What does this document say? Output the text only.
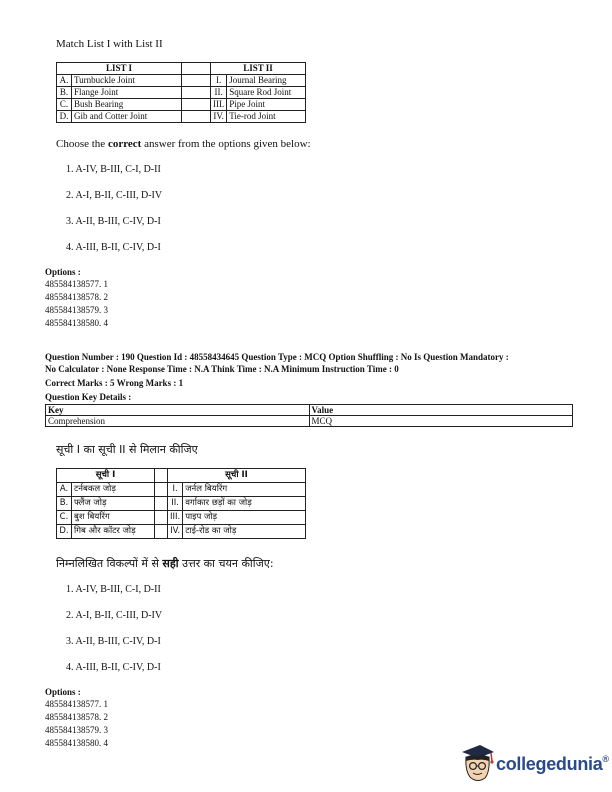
Match List I with List II
LIST I			LIST II	
A.	Turnbuckle Joint		I.	Journal Bearing
B.	Flange Joint		II.	Square Rod Joint
C.	Bush Bearing		III.	Pipe Joint
D.	Gib and Cotter Joint		IV.	Tie-rod Joint
Choose the correct answer from the options given below:
1. A-IV, B-III, C-I, D-II
2. A-I, B-II, C-III, D-IV
3. A-II, B-III, C-IV, D-I
4. A-III, B-II, C-IV, D-I
Options :
485584138577. 1
485584138578. 2
485584138579. 3
485584138580. 4
Question Number : 190 Question Id : 48558434645 Question Type : MCQ Option Shuffling : No Is Question Mandatory :
No Calculator : None Response Time : N.A Think Time : N.A Minimum Instruction Time : 0
Correct Marks : 5 Wrong Marks : 1
Question Key Details :
Key	Value
Comprehension	MCQ
सूची I का सूची II से मिलान कीजिए
सूची I			सूची II	
A.	टर्नबकल जोड़		I.	जर्नल बियरिंग
B.	फ्लैंज जोड़		II.	वर्गाकार छड़ों का जोड़
C.	बुश बियरिंग		III.	पाइप जोड़
D.	गिब और कॉटर जोड़		IV.	टाई-रोड का जोड़
निम्नलिखित विकल्पों में से सही उत्तर का चयन कीजिए:
1. A-IV, B-III, C-I, D-II
2. A-I, B-II, C-III, D-IV
3. A-II, B-III, C-IV, D-I
4. A-III, B-II, C-IV, D-I
Options :
485584138577. 1
485584138578. 2
485584138579. 3
485584138580. 4
collegedunia®
